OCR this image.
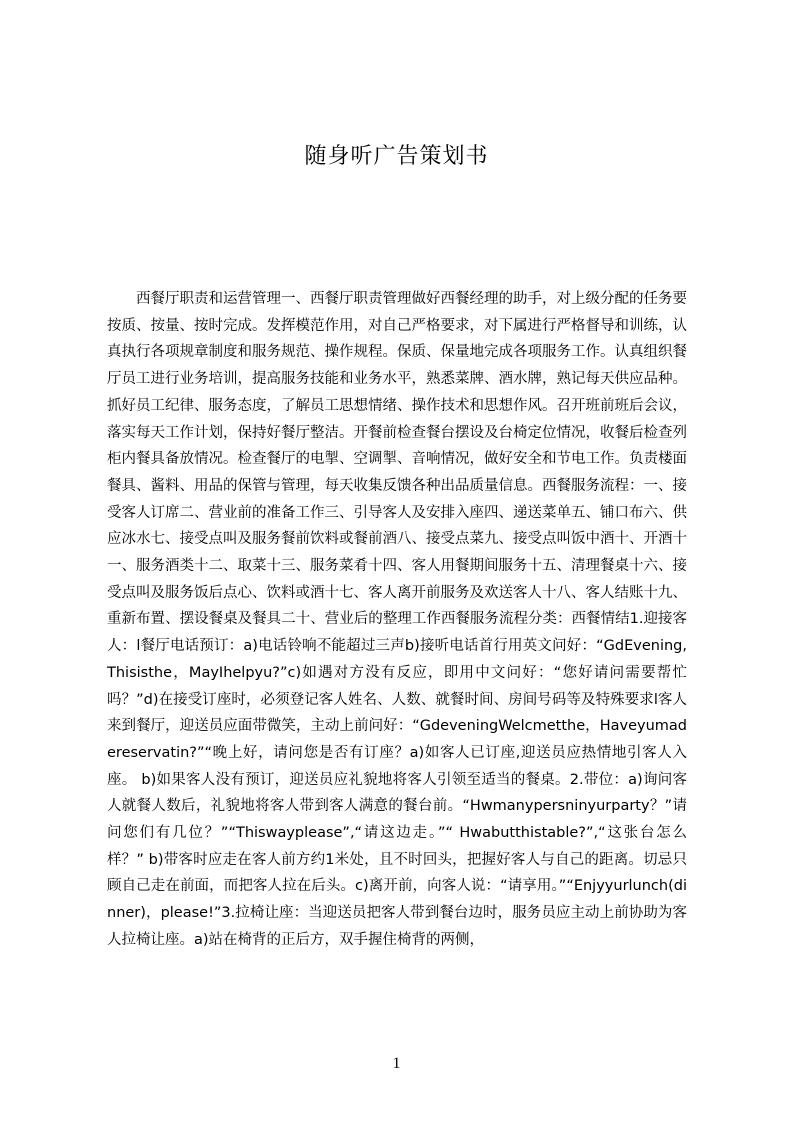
随身听广告策划书

西餐厅职责和运营管理一、西餐厅职责管理做好西餐经理的助手，对上级分配的任务要按质、按量、按时完成。发挥模范作用，对自己严格要求，对下属进行严格督导和训练，认真执行各项规章制度和服务规范、操作规程。保质、保量地完成各项服务工作。认真组织餐厅员工进行业务培训，提高服务技能和业务水平，熟悉菜牌、酒水牌，熟记每天供应品种。抓好员工纪律、服务态度，了解员工思想情绪、操作技术和思想作风。召开班前班后会议，落实每天工作计划，保持好餐厅整洁。开餐前检查餐台摆设及台椅定位情况，收餐后检查列柜内餐具备放情况。检查餐厅的电掣、空调掣、音响情况，做好安全和节电工作。负责楼面餐具、酱料、用品的保管与管理，每天收集反馈各种出品质量信息。西餐服务流程：一、接受客人订席二、营业前的准备工作三、引导客人及安排入座四、递送菜单五、铺口布六、供应冰水七、接受点叫及服务餐前饮料或餐前酒八、接受点菜九、接受点叫饭中酒十、开酒十一、服务酒类十二、取菜十三、服务菜肴十四、客人用餐期间服务十五、清理餐桌十六、接受点叫及服务饭后点心、饮料或酒十七、客人离开前服务及欢送客人十八、客人结账十九、重新布置、摆设餐桌及餐具二十、营业后的整理工作西餐服务流程分类：西餐情结1.迎接客人：l餐厅电话预订：a)电话铃响不能超过三声b)接听电话首行用英文问好：“GdEvening,Thisisthe，MayIhelpyu?”c)如遇对方没有反应，即用中文问好：“您好请问需要帮忙吗？”d)在接受订座时，必须登记客人姓名、人数、就餐时间、房间号码等及特殊要求l客人来到餐厅，迎送员应面带微笑，主动上前问好：“GdeveningWelcmetthe，Haveyumadereservatin?”“晚上好，请问您是否有订座？a)如客人已订座,迎送员应热情地引客人入座。 b)如果客人没有预订，迎送员应礼貌地将客人引领至适当的餐桌。2.带位：a)询问客人就餐人数后，礼貌地将客人带到客人满意的餐台前。“Hwmanypersninyurparty？”请问您们有几位？”“Thiswayplease”,“请这边走。”“ Hwabutthistable?”,“这张台怎么样？” b)带客时应走在客人前方约1米处，且不时回头，把握好客人与自己的距离。切忌只顾自己走在前面，而把客人拉在后头。c)离开前，向客人说：“请享用。”“Enjyyurlunch(dinner)，please!”3.拉椅让座：当迎送员把客人带到餐台边时，服务员应主动上前协助为客人拉椅让座。a)站在椅背的正后方，双手握住椅背的两侧，

1
